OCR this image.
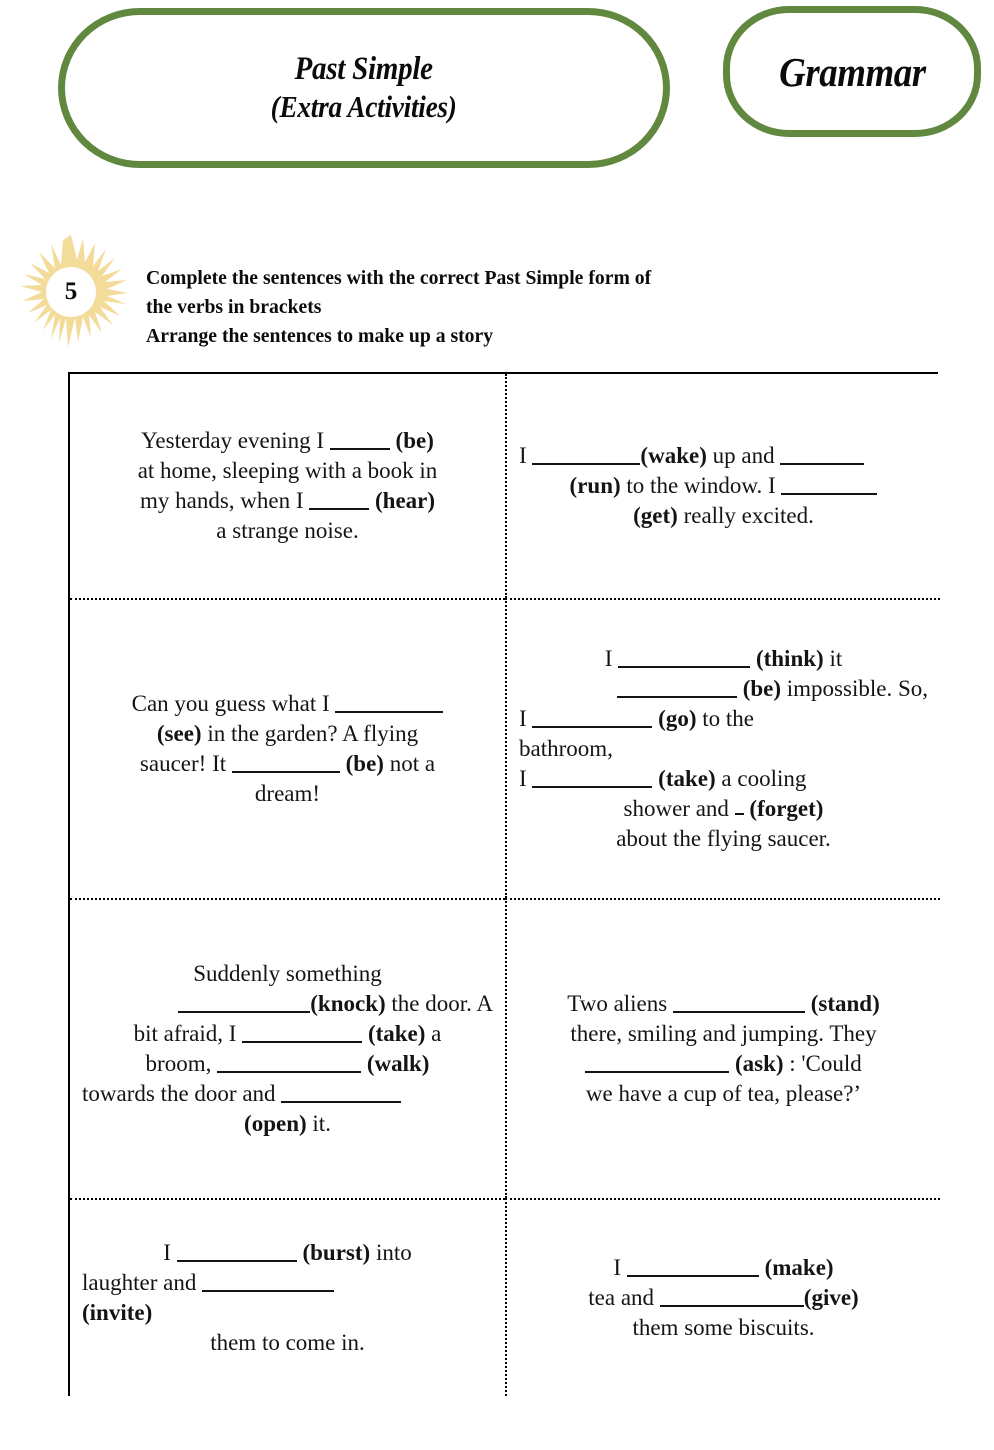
Past Simple
(Extra Activities)
Grammar
5	Complete the sentences with the correct Past Simple form of
the verbs in brackets
Arrange the sentences to make up a story
Yesterday evening I	(be)
at home, sleeping with a book in
my hands, when I	(hear)
a strange noise.
I	(wake) up and
(run) to the window. I
(get) really excited.
Can you guess what I
(see) in the garden? A flying
saucer! It	(be) not a
dream!
I	(think) it
(be) impossible. So,
I	(go) to the
bathroom,
I	(take) a cooling
shower and  (forget)
about the flying saucer.
Suddenly something
(knock) the door. A
bit afraid, I	(take) a
broom,	(walk)
towards the door and
(open) it.
Two aliens	(stand)
there, smiling and jumping. They
(ask) : 'Could
we have a cup of tea, please?’
I	(burst) into
laughter and
(invite)
them to come in.
I	(make)
tea and	(give)
them some biscuits.
